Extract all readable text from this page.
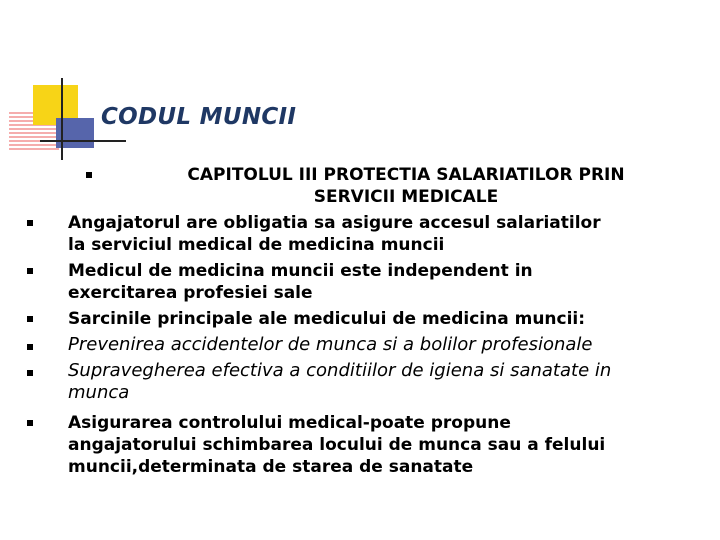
CODUL MUNCII
CAPITOLUL III PROTECTIA SALARIATILOR PRIN
SERVICII MEDICALE
Angajatorul are obligatia sa asigure accesul salariatilor
la serviciul medical de medicina muncii
Medicul de medicina muncii este independent in
exercitarea profesiei sale
Sarcinile principale ale medicului de medicina muncii:
Prevenirea accidentelor de munca si a bolilor profesionale
Supravegherea efectiva a conditiilor de igiena si sanatate in
munca
Asigurarea controlului medical-poate propune
angajatorului schimbarea locului de munca sau a felului
muncii,determinata de starea de sanatate
